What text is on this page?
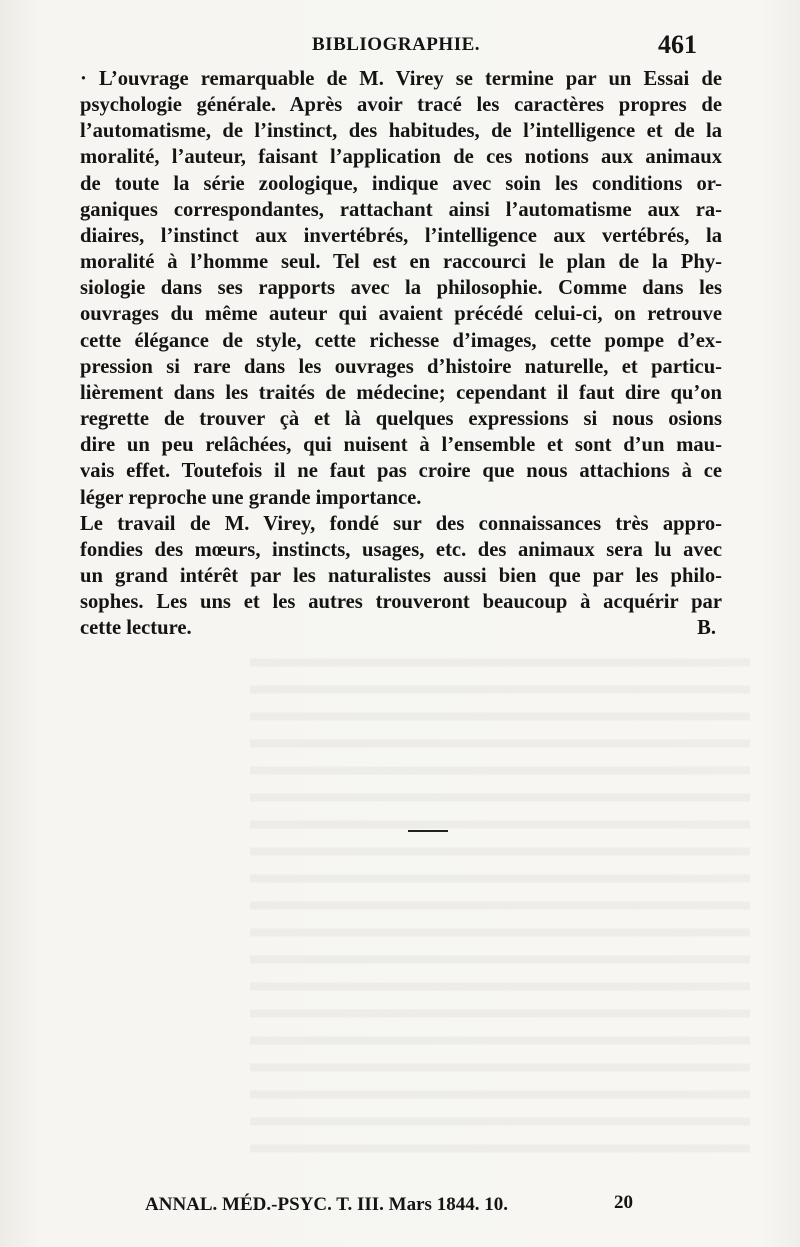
BIBLIOGRAPHIE.	461

· L’ouvrage remarquable de M. Virey se termine par un Essai de
psychologie générale. Après avoir tracé les caractères propres de
l’automatisme, de l’instinct, des habitudes, de l’intelligence et de la
moralité, l’auteur, faisant l’application de ces notions aux animaux
de toute la série zoologique, indique avec soin les conditions or-
ganiques correspondantes, rattachant ainsi l’automatisme aux ra-
diaires, l’instinct aux invertébrés, l’intelligence aux vertébrés, la
moralité à l’homme seul. Tel est en raccourci le plan de la Phy-
siologie dans ses rapports avec la philosophie. Comme dans les
ouvrages du même auteur qui avaient précédé celui-ci, on retrouve
cette élégance de style, cette richesse d’images, cette pompe d’ex-
pression si rare dans les ouvrages d’histoire naturelle, et particu-
lièrement dans les traités de médecine; cependant il faut dire qu’on
regrette de trouver çà et là quelques expressions si nous osions
dire un peu relâchées, qui nuisent à l’ensemble et sont d’un mau-
vais effet. Toutefois il ne faut pas croire que nous attachions à ce
léger reproche une grande importance.

Le travail de M. Virey, fondé sur des connaissances très appro-
fondies des mœurs, instincts, usages, etc. des animaux sera lu avec
un grand intérêt par les naturalistes aussi bien que par les philo-
sophes. Les uns et les autres trouveront beaucoup à acquérir par
cette lecture.	B.

ANNAL. MÉD.-PSYC. T. III. Mars 1844. 10.	20
